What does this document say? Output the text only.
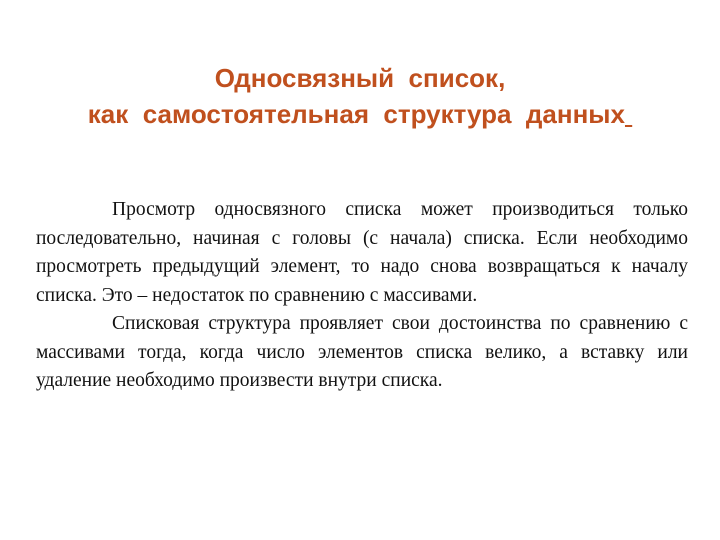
Односвязный  список,
как  самостоятельная  структура  данных

Просмотр односвязного списка может производиться только последовательно, начиная с головы (с начала) списка. Если необходимо просмотреть предыдущий элемент, то надо снова возвращаться к началу списка. Это – недостаток по сравнению с массивами.

Списковая структура проявляет свои достоинства по сравнению с массивами тогда, когда число элементов списка велико, а вставку или удаление необходимо произвести внутри списка.
